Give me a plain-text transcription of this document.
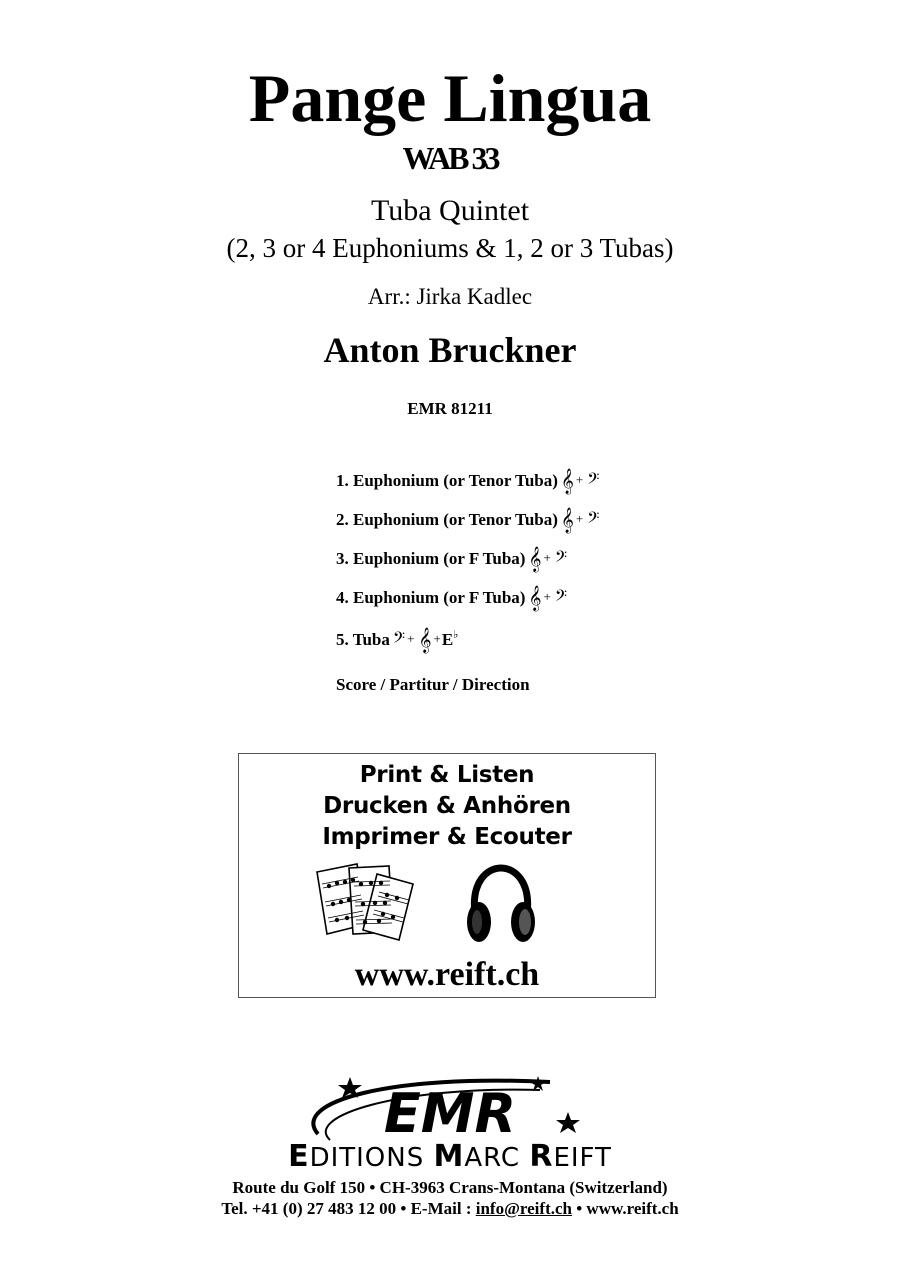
Pange Lingua
WAB 33
Tuba Quintet
(2, 3 or 4 Euphoniums & 1, 2 or 3 Tubas)
Arr.: Jirka Kadlec
Anton Bruckner
EMR 81211
1. Euphonium (or Tenor Tuba) 𝄞 + 𝄢
2. Euphonium (or Tenor Tuba) 𝄞 + 𝄢
3. Euphonium (or F Tuba) 𝄞 + 𝄢
4. Euphonium (or F Tuba) 𝄞 + 𝄢
5. Tuba 𝄢 + 𝄞 +E♭
Score / Partitur / Direction
Print & Listen
Drucken & Anhören
Imprimer & Ecouter
www.reift.ch
EMR
EDITIONS MARC REIFT
Route du Golf 150 • CH-3963 Crans-Montana (Switzerland)
Tel. +41 (0) 27 483 12 00 • E-Mail : info@reift.ch • www.reift.ch
